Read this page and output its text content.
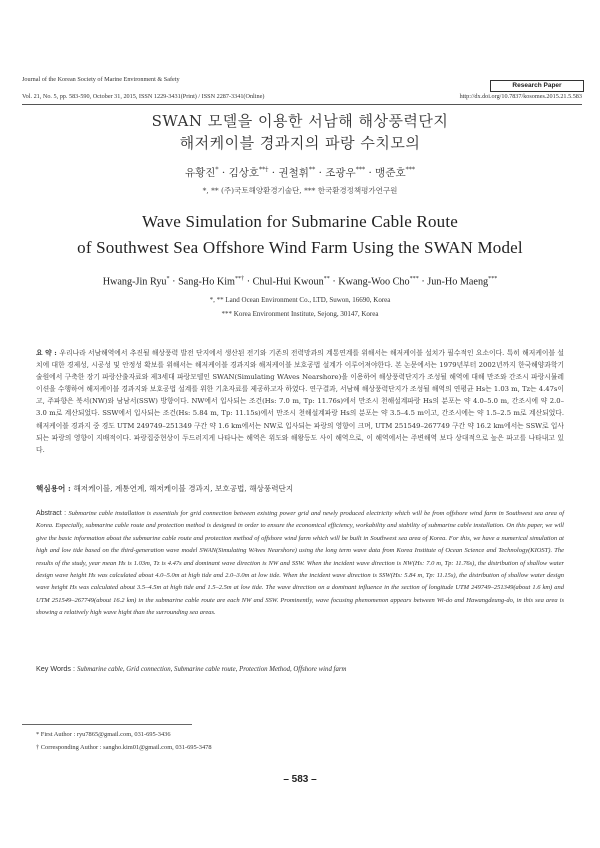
Journal of the Korean Society of Marine Environment & Safety
Research Paper
Vol. 21, No. 5, pp. 583-590, October 31, 2015, ISSN 1229-3431(Print) / ISSN 2287-3341(Online)	http://dx.doi.org/10.7837/kosomes.2015.21.5.583
SWAN 모델을 이용한 서남해 해상풍력단지
해저케이블 경과지의 파랑 수치모의
유황진* · 김상호**† · 권철휘** · 조광우*** · 맹준호***
*, ** (주)국토해양환경기술단, *** 한국환경정책평가연구원
Wave Simulation for Submarine Cable Route
of Southwest Sea Offshore Wind Farm Using the SWAN Model
Hwang-Jin Ryu* · Sang-Ho Kim**† · Chul-Hui Kwoun** · Kwang-Woo Cho*** · Jun-Ho Maeng***
*, ** Land Ocean Environment Co., LTD, Suwon, 16690, Korea
*** Korea Environment Institute, Sejong, 30147, Korea
요 약 : 우리나라 서남해역에서 추진될 해상풍력 발전 단지에서 생산된 전기와 기존의 전력망과의 계통연계를 위해서는 해저케이블 설치가 필수적인 요소이다. 특히 해저케이블 설치에 대한 경제성, 시공성 및 안정성 확보를 위해서는 해저케이블 경과지와 해저케이블 보호공법 설계가 이루어져야한다. 본 논문에서는 1979년부터 2002년까지 한국해양과학기술원에서 구축한 장기 파랑산출자료와 제3세대 파랑모델인 SWAN(Simulating WAves Nearshore)을 이용하여 해상풍력단지가 조성될 해역에 대해 만조와 간조시 파랑시뮬레이션을 수행하여 해저케이블 경과지와 보호공법 설계를 위한 기초자료를 제공하고자 하였다. 연구결과, 서남해 해상풍력단지가 조성될 해역의 연평균 Hs는 1.03 m, Tz는 4.47s이고, 주파향은 북서(NW)와 남남서(SSW) 방향이다. NW에서 입사되는 조건(Hs: 7.0 m, Tp: 11.76s)에서 만조시 천해설계파랑 Hs의 분포는 약 4.0–5.0 m, 간조시에 약 2.0–3.0 m로 계산되었다. SSW에서 입사되는 조건(Hs: 5.84 m, Tp: 11.15s)에서 만조시 천해설계파랑 Hs의 분포는 약 3.5–4.5 m이고, 간조시에는 약 1.5–2.5 m로 계산되었다. 해저케이블 경과지 중 경도 UTM 249749–251349 구간 약 1.6 km에서는 NW로 입사되는 파랑의 영향이 크며, UTM 251549–267749 구간 약 16.2 km에서는 SSW로 입사되는 파랑의 영향이 지배적이다. 파랑집중현상이 두드러지게 나타나는 해역은 위도와 해왕등도 사이 해역으로, 이 해역에서는 주변해역 보다 상대적으로 높은 파고를 나타내고 있다.
핵심용어 : 해저케이블, 계통연계, 해저케이블 경과지, 보호공법, 해상풍력단지
Abstract : Submarine cable installation is essentials for grid connection between existing power grid and newly produced electricity which will be from offshore wind farm in Southwest sea area of Korea. Especially, submarine cable route and protection method is designed in order to ensure the economical efficiency, workability and stability of submarine cable installation. On this paper, we will give the basic information about the submarine cable route and protection method of offshore wind farm which will be built in Southwest sea area of Korea. For this, we have a numerical simulation at high and low tide based on the third-generation wave model SWAN(Simulating WAves Nearshore) using the long term wave data from Korea Institute of Ocean Science and Technology(KIOST). The results of the study, year mean Hs is 1.03m, Tz is 4.47s and dominant wave direction is NW and SSW. When the incident wave direction is NW(Hs: 7.0 m, Tp: 11.76s), the distribution of shallow water design wave height Hs was calculated about 4.0–5.0m at high tide and 2.0–3.0m at low tide. When the incident wave direction is SSW(Hs: 5.84 m, Tp: 11.15s), the distribution of shallow water design wave height Hs was calculated about 3.5–4.5m at high tide and 1.5–2.5m at low tide. The wave direction on a dominant influence in the section of longitude UTM 249749–251349(about 1.6 km) and UTM 251549–267749(about 16.2 km) in the submarine cable route are each NW and SSW. Prominently, wave focusing phenomenon appears between Wi-do and Hawangdeung-do, in this sea area is showing a relatively high wave hight than the surrounding sea areas.
Key Words : Submarine cable, Grid connection, Submarine cable route, Protection Method, Offshore wind farm
* First Author : ryu7865@gmail.com, 031-695-3436
† Corresponding Author : sangho.kim01@gmail.com, 031-695-3478
– 583 –
